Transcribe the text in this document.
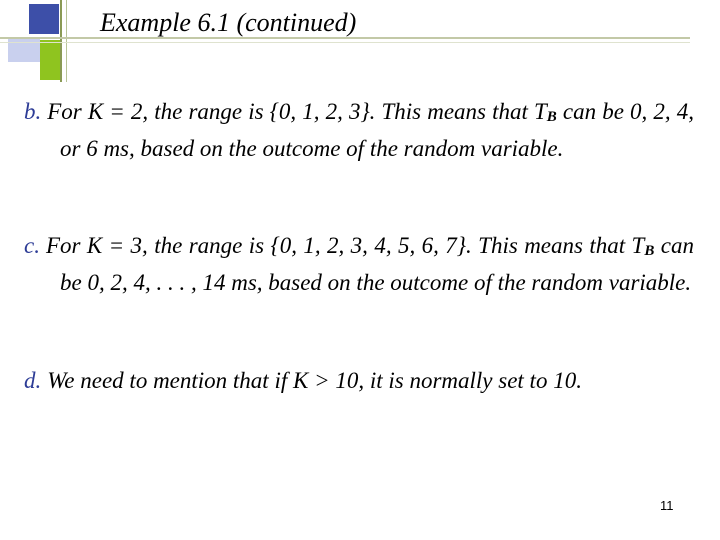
Example 6.1 (continued)
b. For K = 2, the range is {0, 1, 2, 3}. This means that $T_B$ can be 0, 2, 4, or 6 ms, based on the outcome of the random variable.
c. For K = 3, the range is {0, 1, 2, 3, 4, 5, 6, 7}. This means that $T_B$ can be 0, 2, 4, . . . , 14 ms, based on the outcome of the random variable.
d. We need to mention that if K > 10, it is normally set to 10.
11
